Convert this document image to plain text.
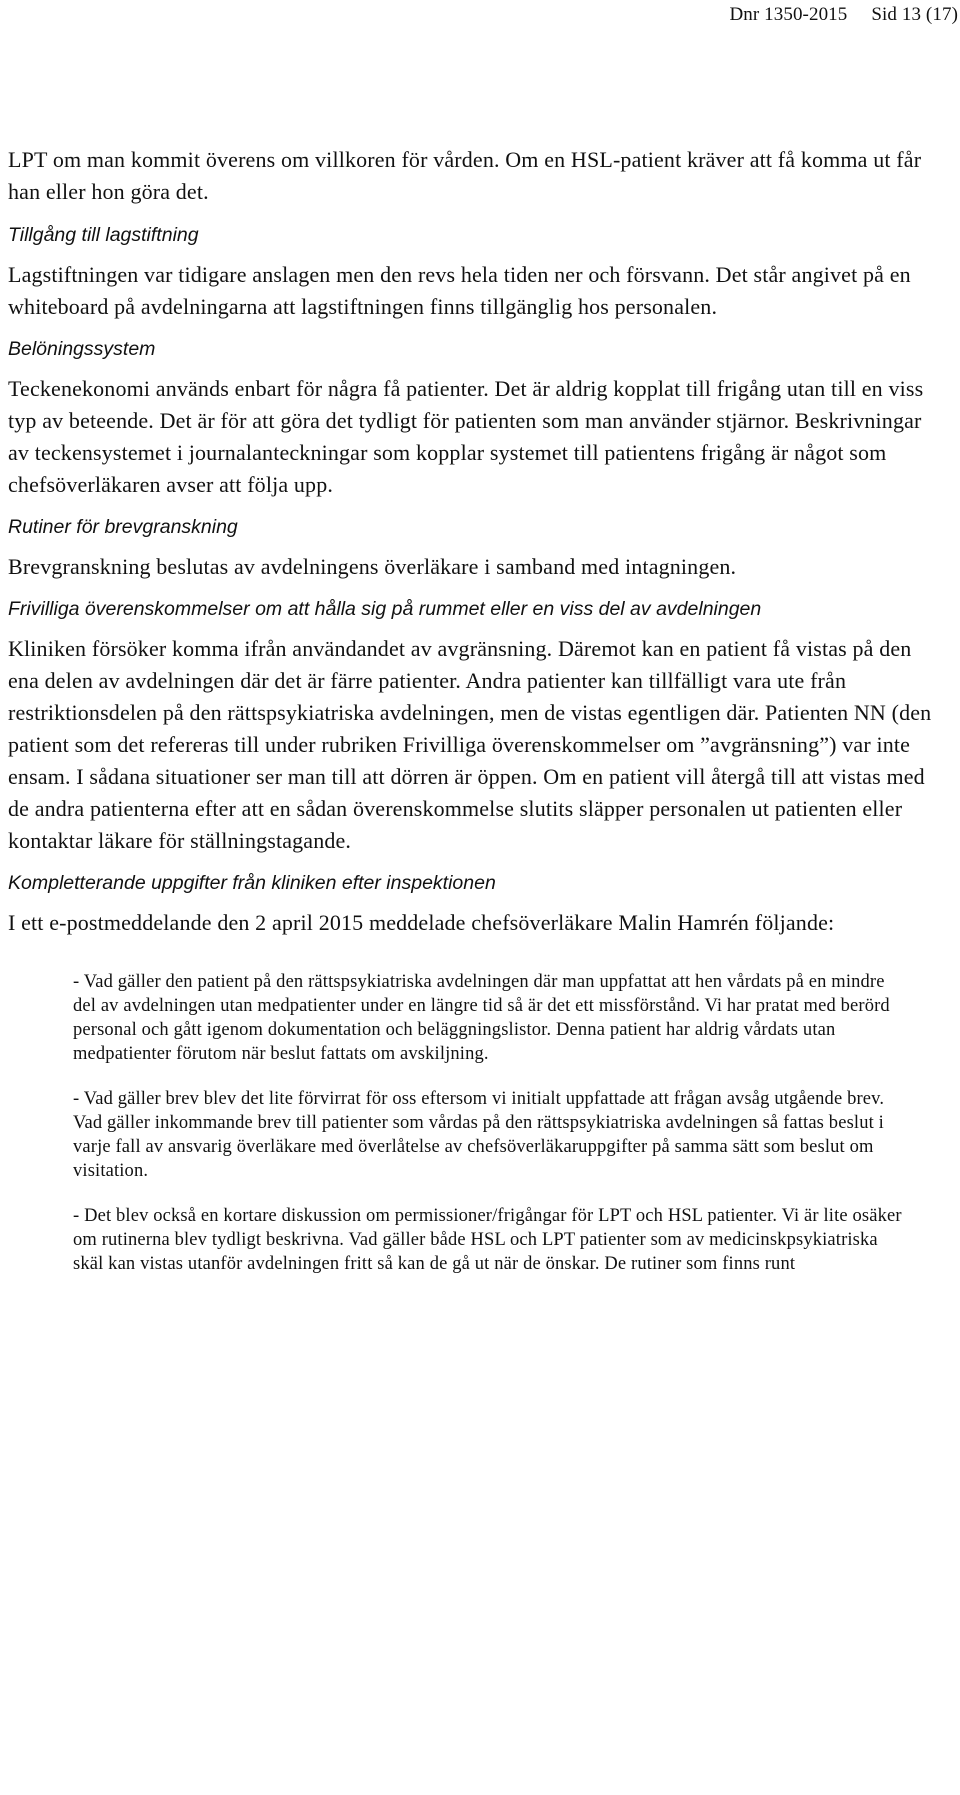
Dnr 1350-2015 Sid 13 (17)

LPT om man kommit överens om villkoren för vården. Om en HSL-patient kräver att få komma ut får han eller hon göra det.

Tillgång till lagstiftning

Lagstiftningen var tidigare anslagen men den revs hela tiden ner och försvann. Det står angivet på en whiteboard på avdelningarna att lagstiftningen finns tillgänglig hos personalen.

Belöningssystem

Teckenekonomi används enbart för några få patienter. Det är aldrig kopplat till frigång utan till en viss typ av beteende. Det är för att göra det tydligt för patienten som man använder stjärnor. Beskrivningar av teckensystemet i journalanteckningar som kopplar systemet till patientens frigång är något som chefsöverläkaren avser att följa upp.

Rutiner för brevgranskning

Brevgranskning beslutas av avdelningens överläkare i samband med intagningen.

Frivilliga överenskommelser om att hålla sig på rummet eller en viss del av avdelningen

Kliniken försöker komma ifrån användandet av avgränsning. Däremot kan en patient få vistas på den ena delen av avdelningen där det är färre patienter. Andra patienter kan tillfälligt vara ute från restriktionsdelen på den rättspsykiatriska avdelningen, men de vistas egentligen där. Patienten NN (den patient som det refereras till under rubriken Frivilliga överenskommelser om ”avgränsning”) var inte ensam. I sådana situationer ser man till att dörren är öppen. Om en patient vill återgå till att vistas med de andra patienterna efter att en sådan överenskommelse slutits släpper personalen ut patienten eller kontaktar läkare för ställningstagande.

Kompletterande uppgifter från kliniken efter inspektionen

I ett e-postmeddelande den 2 april 2015 meddelade chefsöverläkare Malin Hamrén följande:

- Vad gäller den patient på den rättspsykiatriska avdelningen där man uppfattat att hen vårdats på en mindre del av avdelningen utan medpatienter under en längre tid så är det ett missförstånd. Vi har pratat med berörd personal och gått igenom dokumentation och beläggningslistor. Denna patient har aldrig vårdats utan medpatienter förutom när beslut fattats om avskiljning.

- Vad gäller brev blev det lite förvirrat för oss eftersom vi initialt uppfattade att frågan avsåg utgående brev. Vad gäller inkommande brev till patienter som vårdas på den rättspsykiatriska avdelningen så fattas beslut i varje fall av ansvarig överläkare med överlåtelse av chefsöverläkaruppgifter på samma sätt som beslut om visitation.

- Det blev också en kortare diskussion om permissioner/frigångar för LPT och HSL patienter. Vi är lite osäker om rutinerna blev tydligt beskrivna. Vad gäller både HSL och LPT patienter som av medicinskpsykiatriska skäl kan vistas utanför avdelningen fritt så kan de gå ut när de önskar. De rutiner som finns runt
